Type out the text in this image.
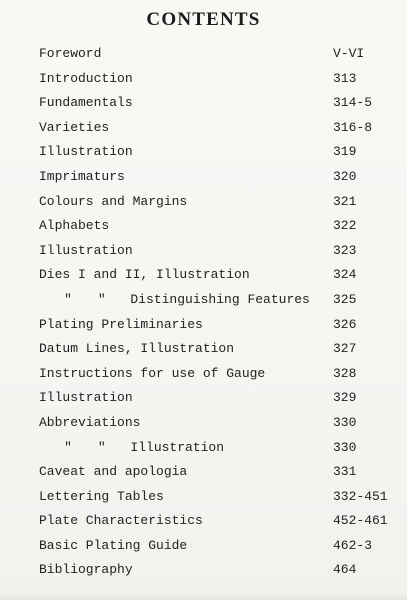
CONTENTS
Foreword	V-VI
Introduction	313
Fundamentals	314-5
Varieties	316-8
Illustration	319
Imprimaturs	320
Colours and Margins	321
Alphabets	322
Illustration	323
Dies I and II, Illustration	324
" " Distinguishing Features 325
Plating Preliminaries	326
Datum Lines, Illustration	327
Instructions for use of Gauge	328
Illustration	329
Abbreviations	330
" " Illustration	330
Caveat and apologia	331
Lettering Tables	332-451
Plate Characteristics	452-461
Basic Plating Guide	462-3
Bibliography	464
